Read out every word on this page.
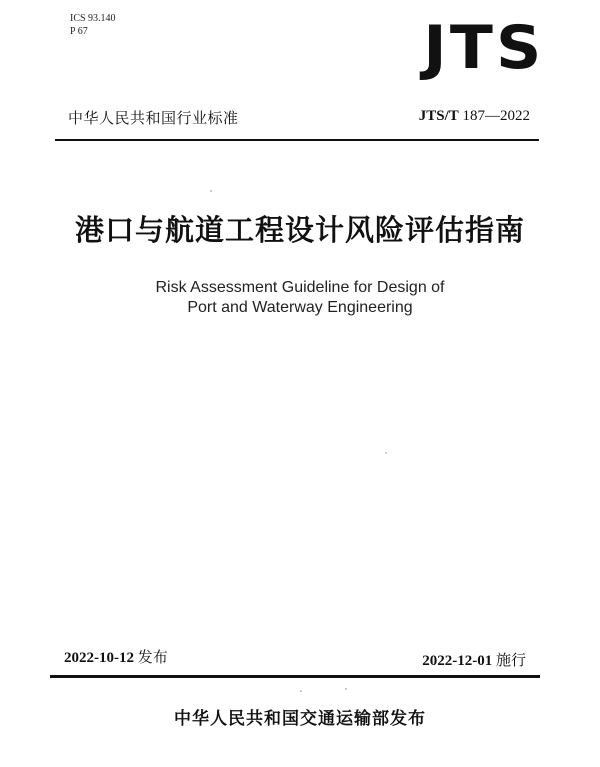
ICS 93.140
P 67	JTS
中华人民共和国行业标准	JTS/T 187—2022
港口与航道工程设计风险评估指南
Risk Assessment Guideline for Design of
Port and Waterway Engineering
2022-10-12 发布	2022-12-01 施行
中华人民共和国交通运输部发布
